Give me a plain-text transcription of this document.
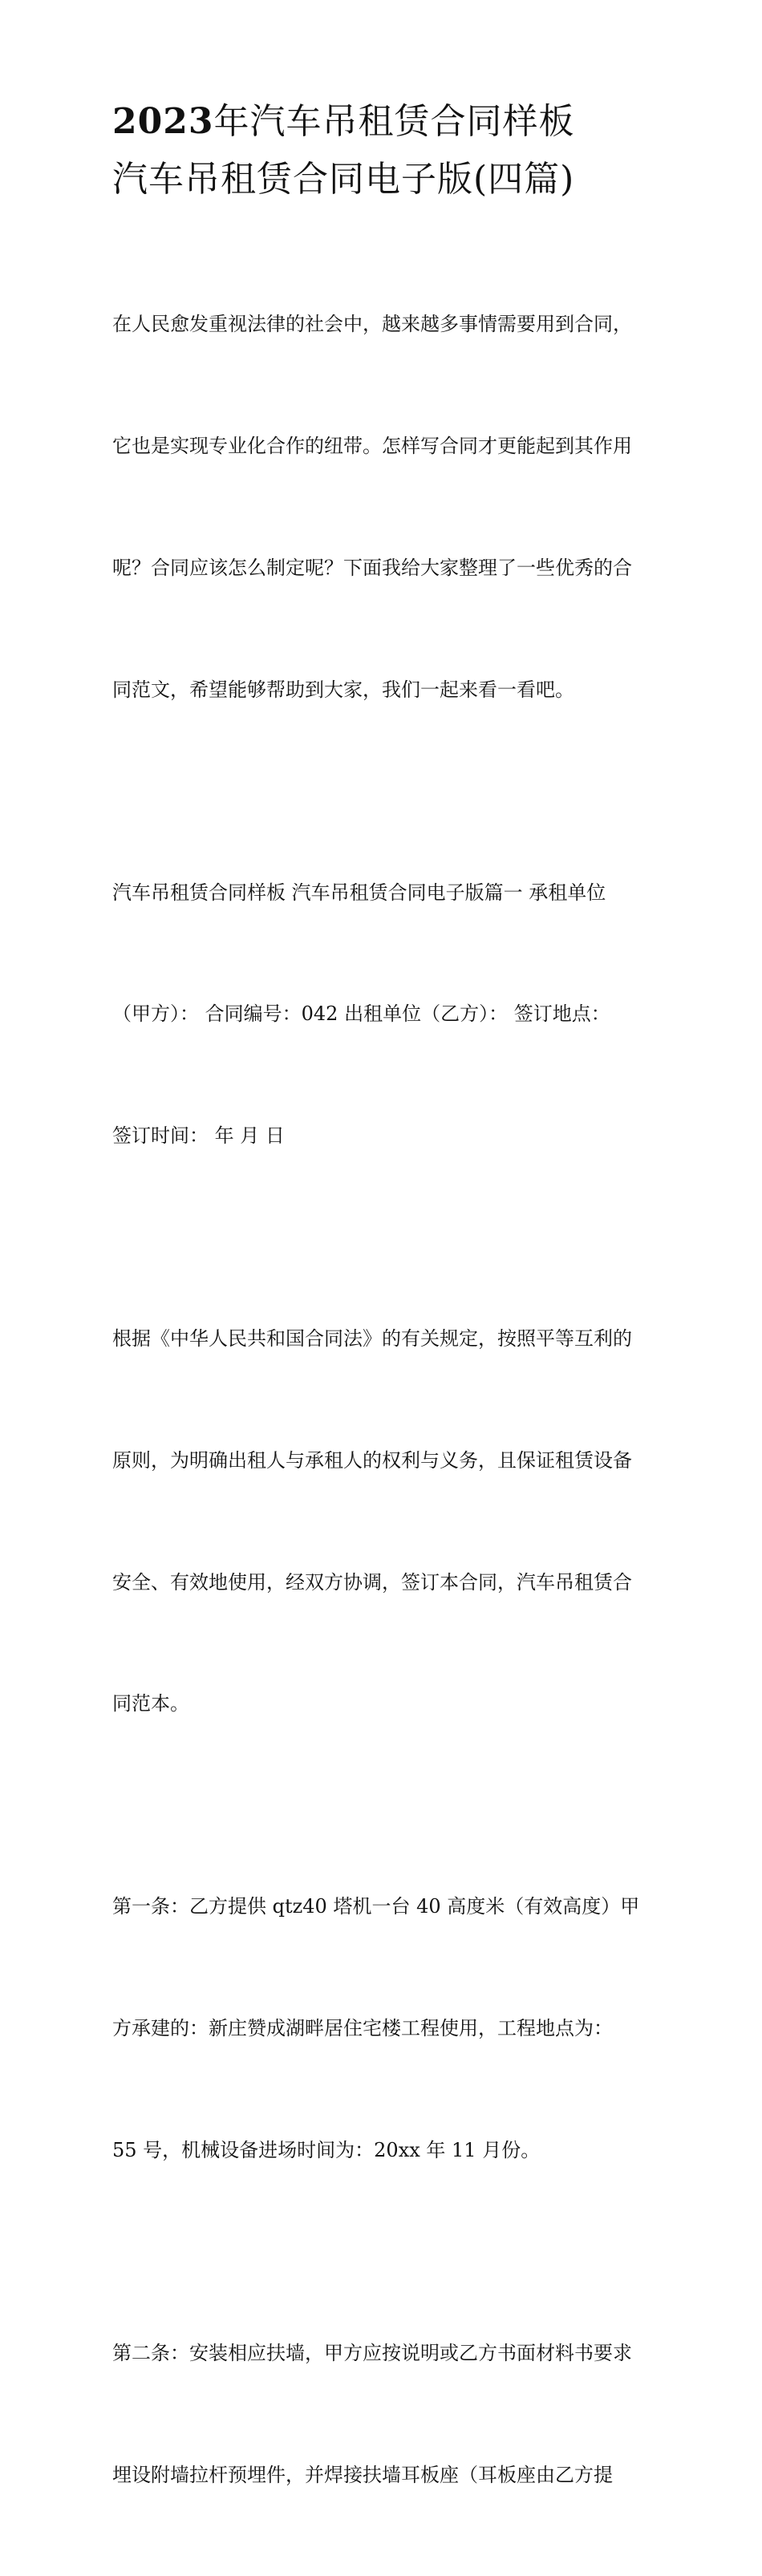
2023年汽车吊租赁合同样板
汽车吊租赁合同电子版(四篇)

在人民愈发重视法律的社会中，越来越多事情需要用到合同，

它也是实现专业化合作的纽带。怎样写合同才更能起到其作用

呢？合同应该怎么制定呢？下面我给大家整理了一些优秀的合

同范文，希望能够帮助到大家，我们一起来看一看吧。

汽车吊租赁合同样板 汽车吊租赁合同电子版篇一 承租单位

（甲方）： 合同编号：042 出租单位（乙方）： 签订地点：

签订时间： 年 月 日

根据《中华人民共和国合同法》的有关规定，按照平等互利的

原则，为明确出租人与承租人的权利与义务，且保证租赁设备

安全、有效地使用，经双方协调，签订本合同，汽车吊租赁合

同范本。

第一条：乙方提供 qtz40 塔机一台 40 高度米（有效高度）甲

方承建的：新庄赞成湖畔居住宅楼工程使用，工程地点为：

55 号，机械设备进场时间为：20xx 年 11 月份。

第二条：安装相应扶墙，甲方应按说明或乙方书面材料书要求

埋设附墙拉杆预埋件，并焊接扶墙耳板座（耳板座由乙方提
